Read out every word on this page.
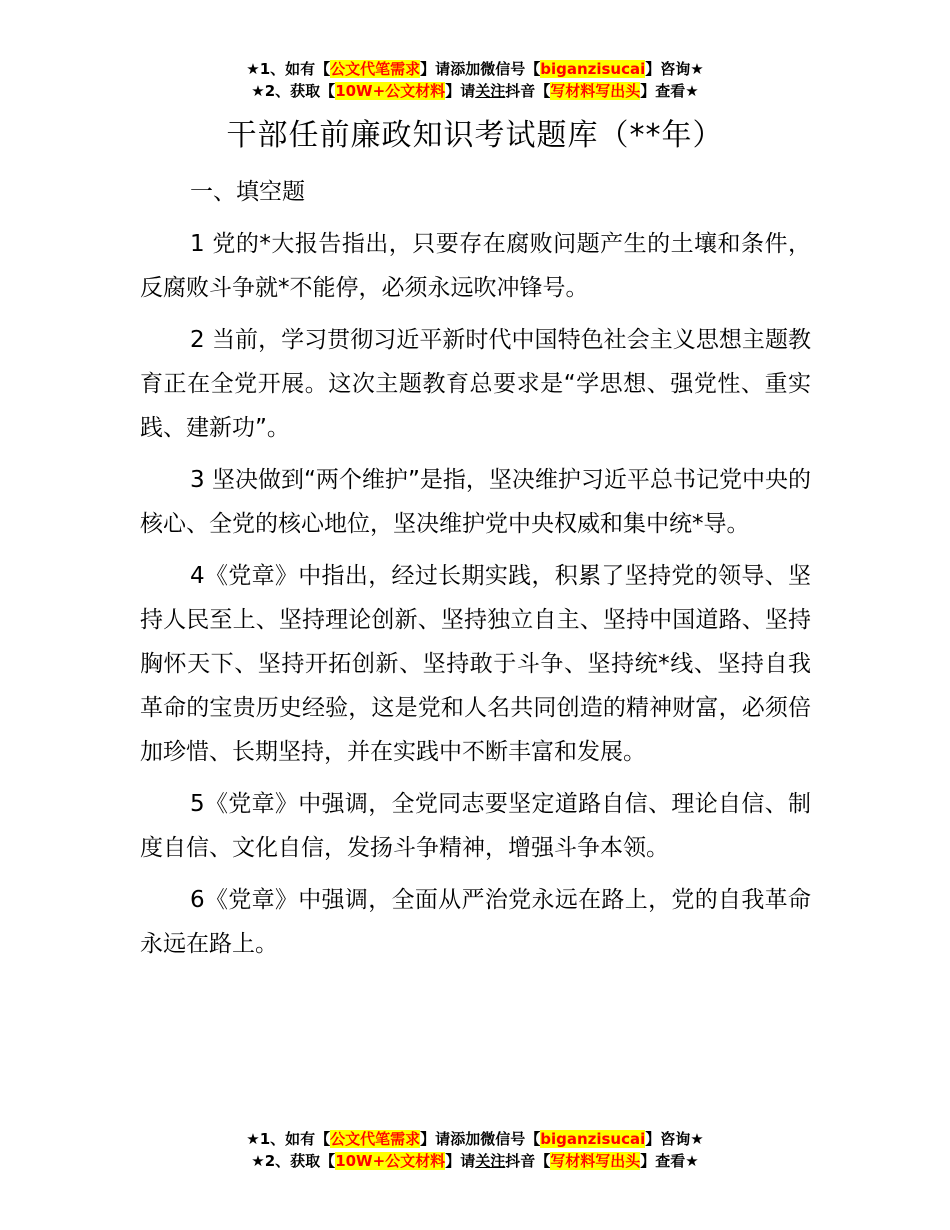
★1、如有【公文代笔需求】请添加微信号【biganzisucai】咨询★
★2、获取【10W+公文材料】请关注抖音【写材料写出头】查看★
干部任前廉政知识考试题库（**年）
一、填空题

1 党的*大报告指出，只要存在腐败问题产生的土壤和条件，反腐败斗争就*不能停，必须永远吹冲锋号。

2 当前，学习贯彻习近平新时代中国特色社会主义思想主题教育正在全党开展。这次主题教育总要求是“学思想、强党性、重实践、建新功”。

3 坚决做到“两个维护”是指，坚决维护习近平总书记党中央的核心、全党的核心地位，坚决维护党中央权威和集中统*导。

4《党章》中指出，经过长期实践，积累了坚持党的领导、坚持人民至上、坚持理论创新、坚持独立自主、坚持中国道路、坚持胸怀天下、坚持开拓创新、坚持敢于斗争、坚持统*线、坚持自我革命的宝贵历史经验，这是党和人名共同创造的精神财富，必须倍加珍惜、长期坚持，并在实践中不断丰富和发展。

5《党章》中强调，全党同志要坚定道路自信、理论自信、制度自信、文化自信，发扬斗争精神，增强斗争本领。

6《党章》中强调，全面从严治党永远在路上，党的自我革命永远在路上。

★1、如有【公文代笔需求】请添加微信号【biganzisucai】咨询★
★2、获取【10W+公文材料】请关注抖音【写材料写出头】查看★
